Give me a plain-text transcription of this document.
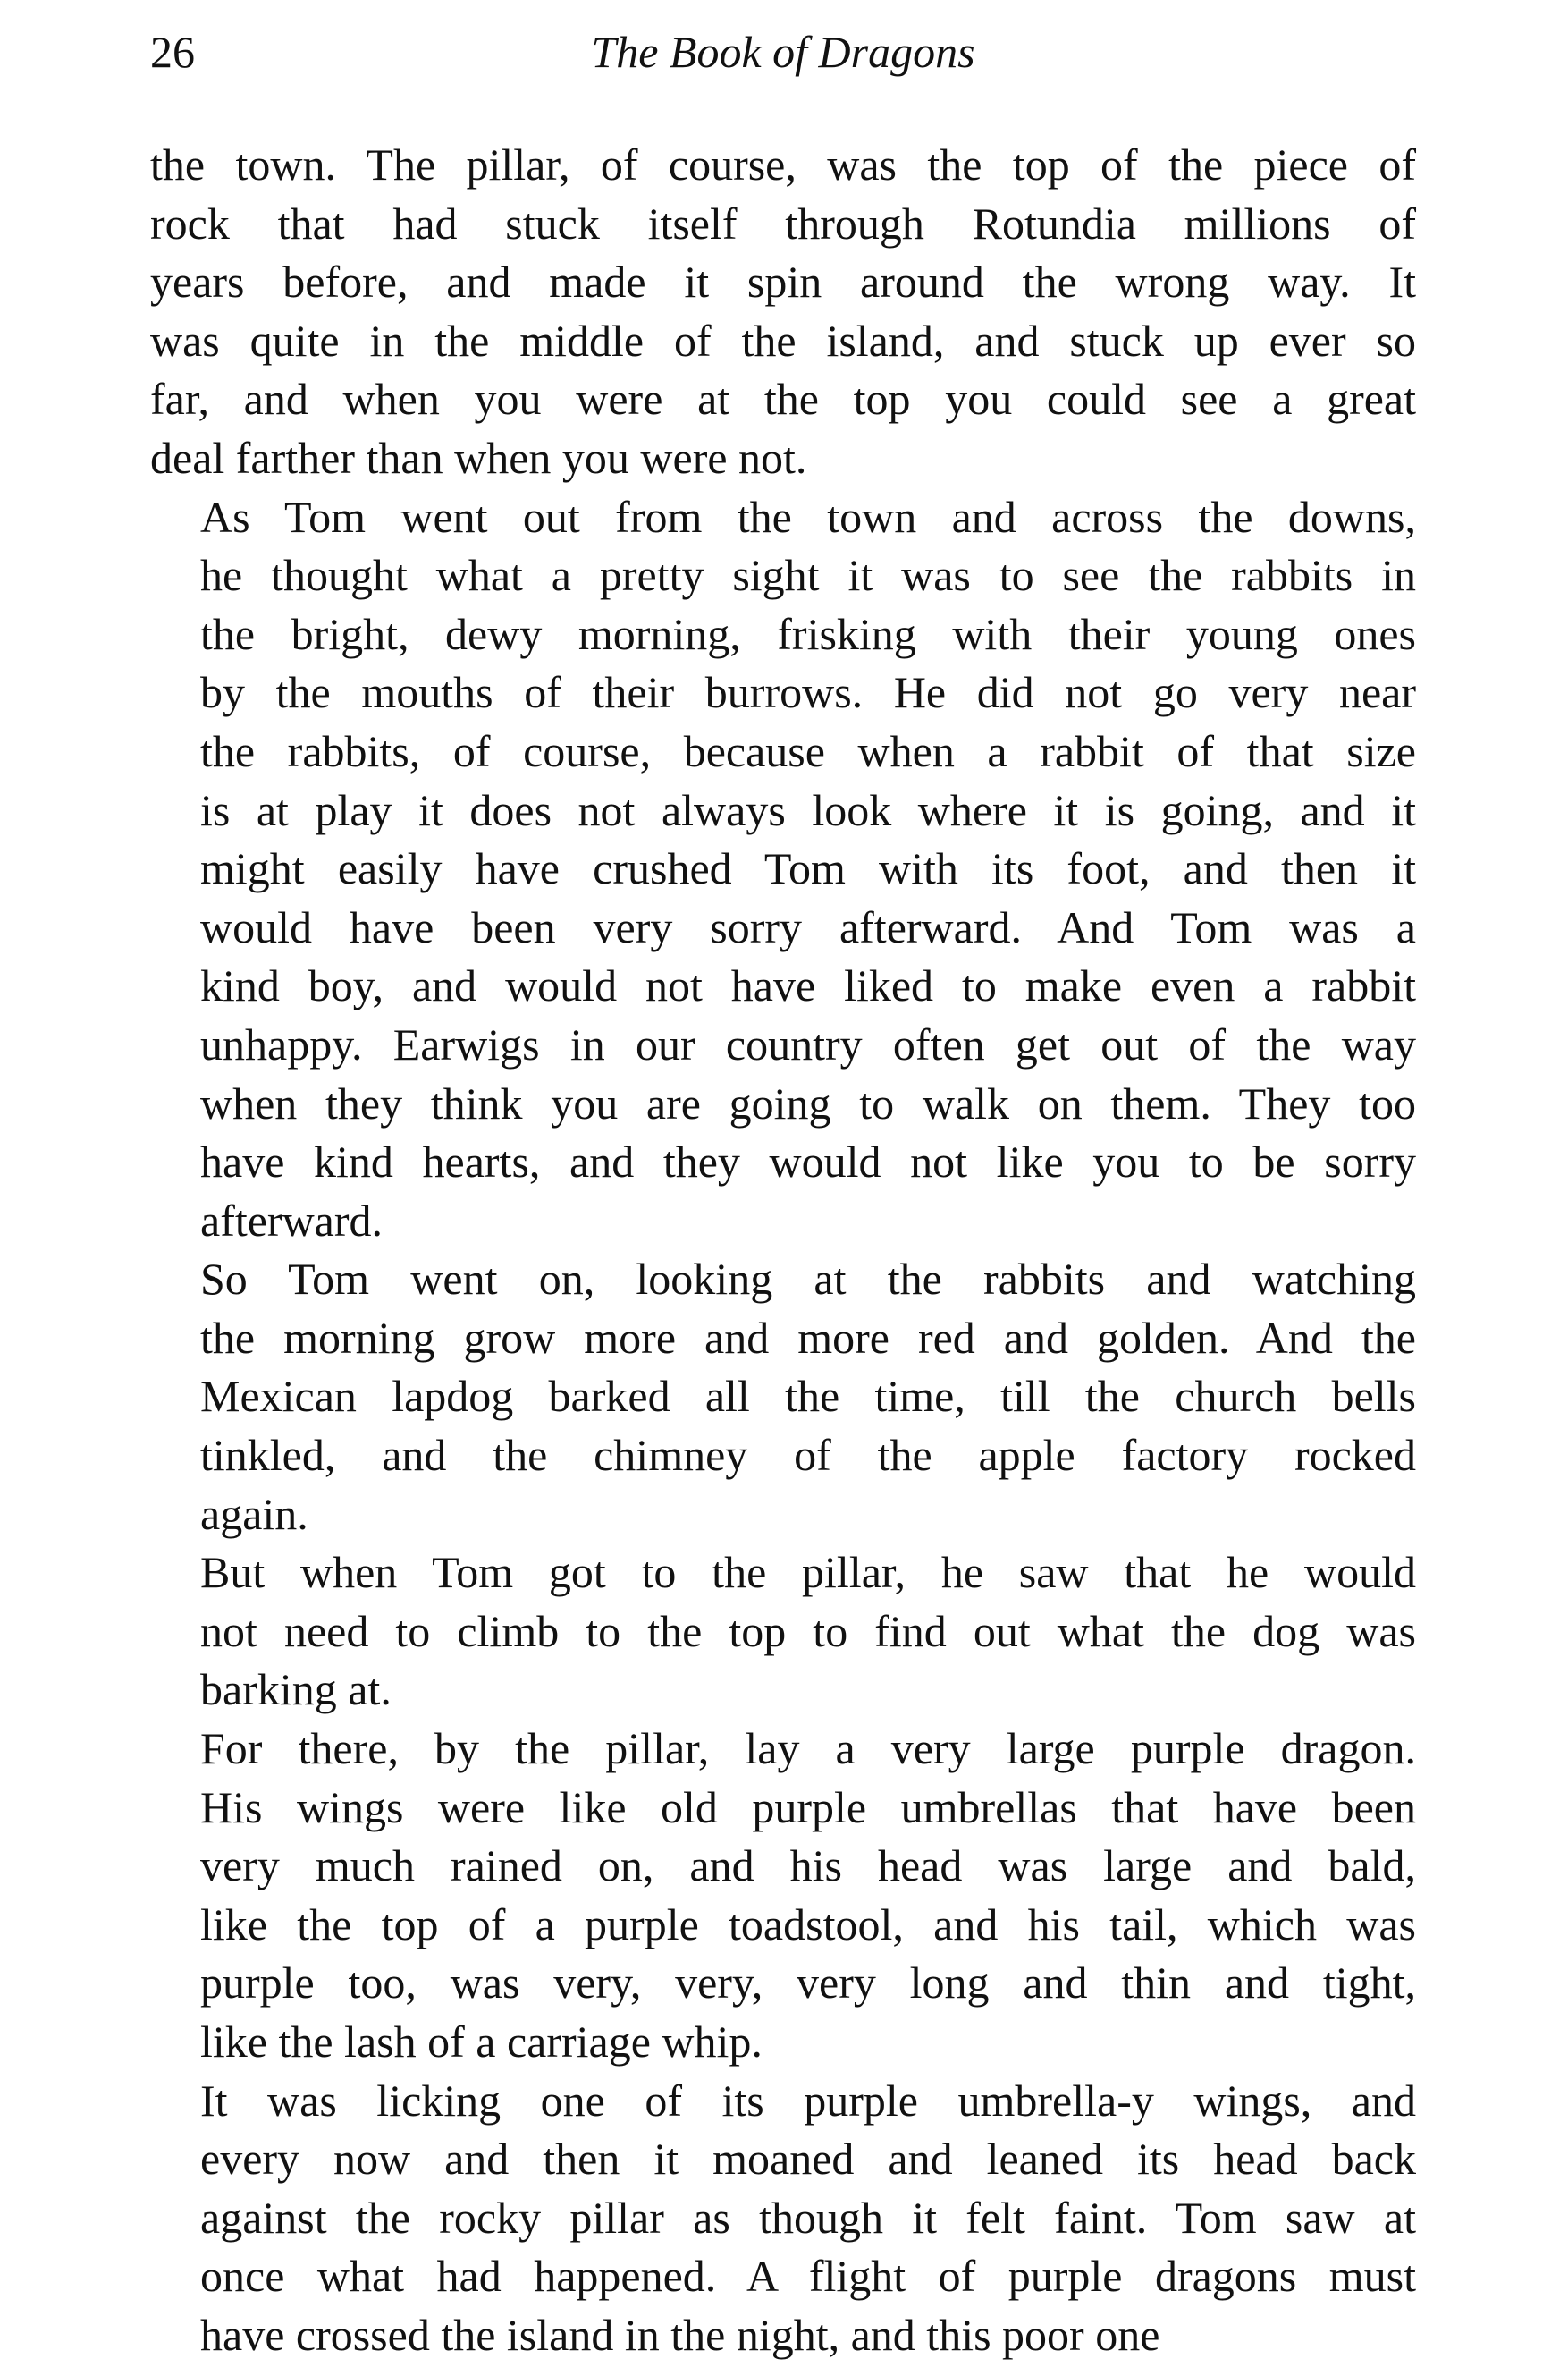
26	The Book of Dragons

the town. The pillar, of course, was the top of the piece of
rock that had stuck itself through Rotundia millions of
years before, and made it spin around the wrong way. It
was quite in the middle of the island, and stuck up ever so
far, and when you were at the top you could see a great
deal farther than when you were not.

As Tom went out from the town and across the downs,
he thought what a pretty sight it was to see the rabbits in
the bright, dewy morning, frisking with their young ones
by the mouths of their burrows. He did not go very near
the rabbits, of course, because when a rabbit of that size
is at play it does not always look where it is going, and it
might easily have crushed Tom with its foot, and then it
would have been very sorry afterward. And Tom was a
kind boy, and would not have liked to make even a rabbit
unhappy. Earwigs in our country often get out of the way
when they think you are going to walk on them. They too
have kind hearts, and they would not like you to be sorry
afterward.

So Tom went on, looking at the rabbits and watching
the morning grow more and more red and golden. And the
Mexican lapdog barked all the time, till the church bells
tinkled, and the chimney of the apple factory rocked
again.

But when Tom got to the pillar, he saw that he would
not need to climb to the top to find out what the dog was
barking at.

For there, by the pillar, lay a very large purple dragon.
His wings were like old purple umbrellas that have been
very much rained on, and his head was large and bald,
like the top of a purple toadstool, and his tail, which was
purple too, was very, very, very long and thin and tight,
like the lash of a carriage whip.

It was licking one of its purple umbrella-y wings, and
every now and then it moaned and leaned its head back
against the rocky pillar as though it felt faint. Tom saw at
once what had happened. A flight of purple dragons must
have crossed the island in the night, and this poor one
